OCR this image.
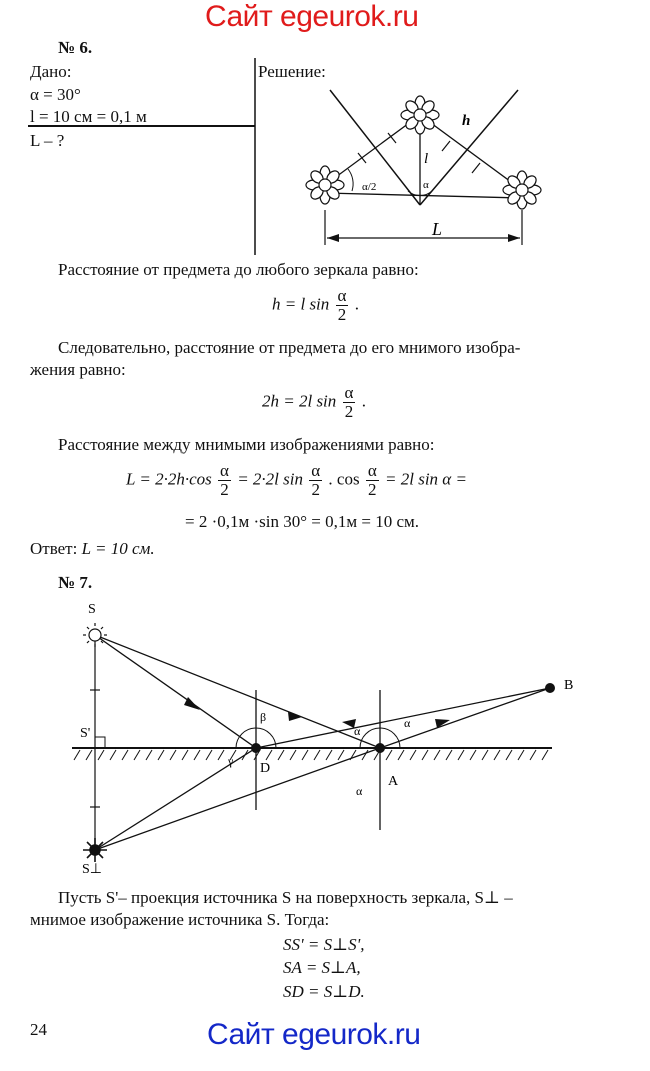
Сайт egeurok.ru
№ 6.
Дано:
α = 30°
l = 10 см = 0,1 м
L – ?
Решение:
h
l
α
α/2
L
Расстояние от предмета до любого зеркала равно:
h = l $\sin \frac{\alpha}{2}$ .
Следовательно, расстояние от предмета до его мнимого изобра-
жения равно:
2h = 2l $\sin \frac{\alpha}{2}$ .
Расстояние между мнимыми изображениями равно:
$L = 2\cdot 2h\cdot\cos \frac{\alpha}{2} = 2\cdot 2l$ $\sin \frac{\alpha}{2}$ . $\cos \frac{\alpha}{2} = 2l$ sin α =
= 2 ·0,1м ·sin 30° = 0,1м = 10 см.
Ответ: L = 10 см.
№ 7.
S
S'
S⊥
B
D
A
β
γ
α
α
α
Пусть S'– проекция источника S на поверхность зеркала, S⊥ –
мнимое изображение источника S. Тогда:
SS' = S⊥S',
SA = S⊥A,
SD = S⊥D.
24	Сайт egeurok.ru
